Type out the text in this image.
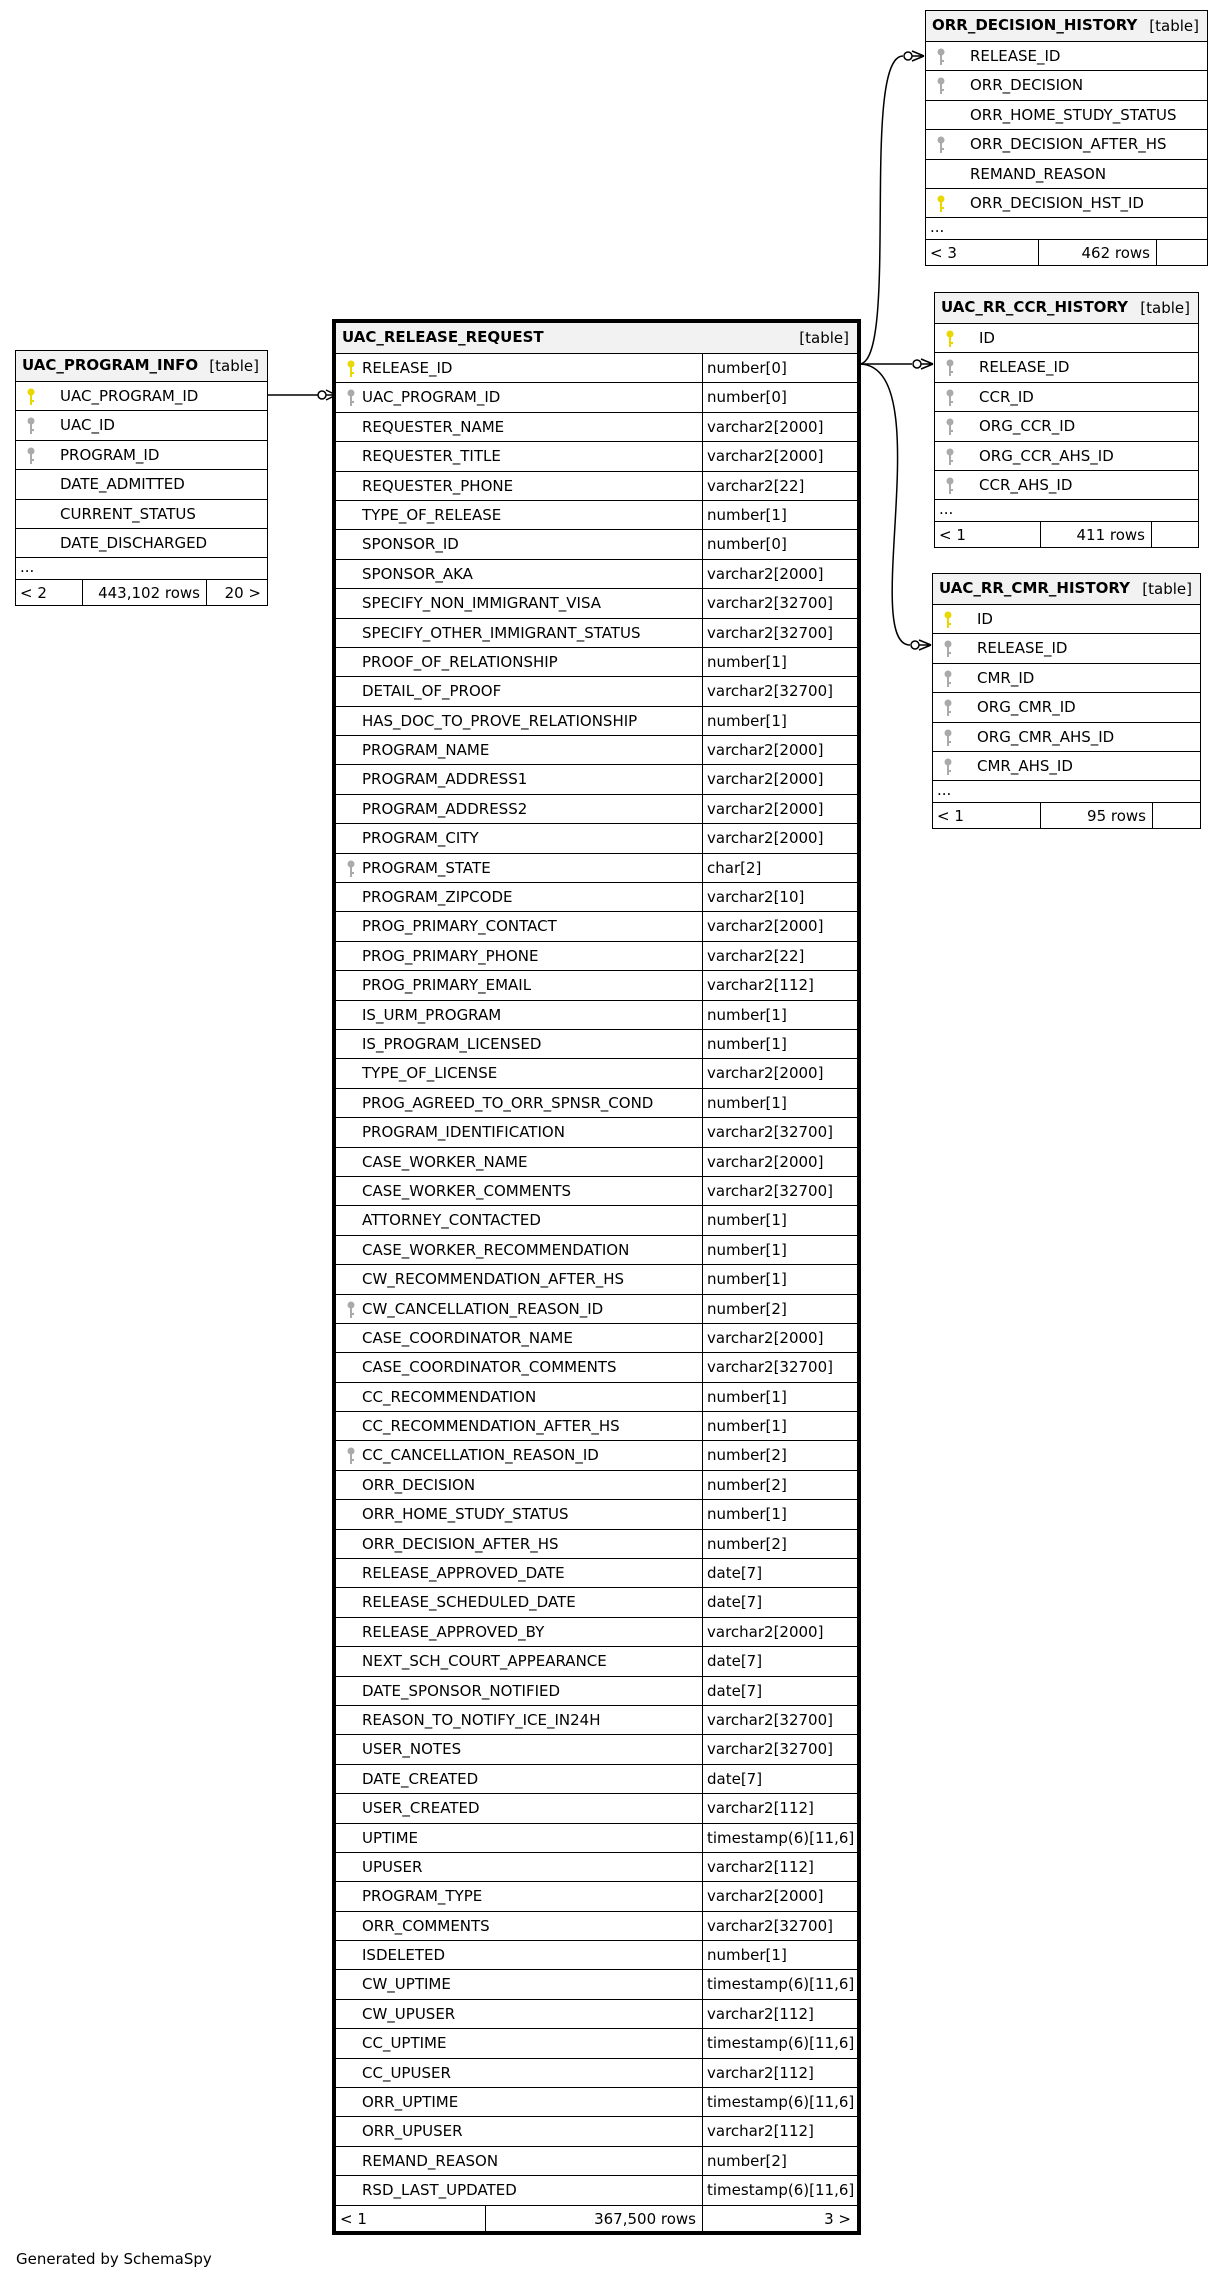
UAC_PROGRAM_INFO [table]
UAC_PROGRAM_ID
UAC_ID
PROGRAM_ID
DATE_ADMITTED
CURRENT_STATUS
DATE_DISCHARGED
...
< 2	443,102 rows 20 >
UAC_RELEASE_REQUEST	[table]
RELEASE_ID	number[0]
UAC_PROGRAM_ID	number[0]
REQUESTER_NAME	varchar2[2000]
REQUESTER_TITLE	varchar2[2000]
REQUESTER_PHONE	varchar2[22]
TYPE_OF_RELEASE	number[1]
SPONSOR_ID	number[0]
SPONSOR_AKA	varchar2[2000]
SPECIFY_NON_IMMIGRANT_VISA	varchar2[32700]
SPECIFY_OTHER_IMMIGRANT_STATUS	varchar2[32700]
PROOF_OF_RELATIONSHIP	number[1]
DETAIL_OF_PROOF	varchar2[32700]
HAS_DOC_TO_PROVE_RELATIONSHIP	number[1]
PROGRAM_NAME	varchar2[2000]
PROGRAM_ADDRESS1	varchar2[2000]
PROGRAM_ADDRESS2	varchar2[2000]
PROGRAM_CITY	varchar2[2000]
PROGRAM_STATE	char[2]
PROGRAM_ZIPCODE	varchar2[10]
PROG_PRIMARY_CONTACT	varchar2[2000]
PROG_PRIMARY_PHONE	varchar2[22]
PROG_PRIMARY_EMAIL	varchar2[112]
IS_URM_PROGRAM	number[1]
IS_PROGRAM_LICENSED	number[1]
TYPE_OF_LICENSE	varchar2[2000]
PROG_AGREED_TO_ORR_SPNSR_COND	number[1]
PROGRAM_IDENTIFICATION	varchar2[32700]
CASE_WORKER_NAME	varchar2[2000]
CASE_WORKER_COMMENTS	varchar2[32700]
ATTORNEY_CONTACTED	number[1]
CASE_WORKER_RECOMMENDATION	number[1]
CW_RECOMMENDATION_AFTER_HS	number[1]
CW_CANCELLATION_REASON_ID	number[2]
CASE_COORDINATOR_NAME	varchar2[2000]
CASE_COORDINATOR_COMMENTS	varchar2[32700]
CC_RECOMMENDATION	number[1]
CC_RECOMMENDATION_AFTER_HS	number[1]
CC_CANCELLATION_REASON_ID	number[2]
ORR_DECISION	number[2]
ORR_HOME_STUDY_STATUS	number[1]
ORR_DECISION_AFTER_HS	number[2]
RELEASE_APPROVED_DATE	date[7]
RELEASE_SCHEDULED_DATE	date[7]
RELEASE_APPROVED_BY	varchar2[2000]
NEXT_SCH_COURT_APPEARANCE	date[7]
DATE_SPONSOR_NOTIFIED	date[7]
REASON_TO_NOTIFY_ICE_IN24H	varchar2[32700]
USER_NOTES	varchar2[32700]
DATE_CREATED	date[7]
USER_CREATED	varchar2[112]
UPTIME	timestamp(6)[11,6]
UPUSER	varchar2[112]
PROGRAM_TYPE	varchar2[2000]
ORR_COMMENTS	varchar2[32700]
ISDELETED	number[1]
CW_UPTIME	timestamp(6)[11,6]
CW_UPUSER	varchar2[112]
CC_UPTIME	timestamp(6)[11,6]
CC_UPUSER	varchar2[112]
ORR_UPTIME	timestamp(6)[11,6]
ORR_UPUSER	varchar2[112]
REMAND_REASON	number[2]
RSD_LAST_UPDATED	timestamp(6)[11,6]
< 1	367,500 rows	3 >
ORR_DECISION_HISTORY [table]
RELEASE_ID
ORR_DECISION
ORR_HOME_STUDY_STATUS
ORR_DECISION_AFTER_HS
REMAND_REASON
ORR_DECISION_HST_ID
...
< 3	462 rows
UAC_RR_CCR_HISTORY [table]
ID
RELEASE_ID
CCR_ID
ORG_CCR_ID
ORG_CCR_AHS_ID
CCR_AHS_ID
...
< 1	411 rows
UAC_RR_CMR_HISTORY [table]
ID
RELEASE_ID
CMR_ID
ORG_CMR_ID
ORG_CMR_AHS_ID
CMR_AHS_ID
...
< 1	95 rows
Generated by SchemaSpy
